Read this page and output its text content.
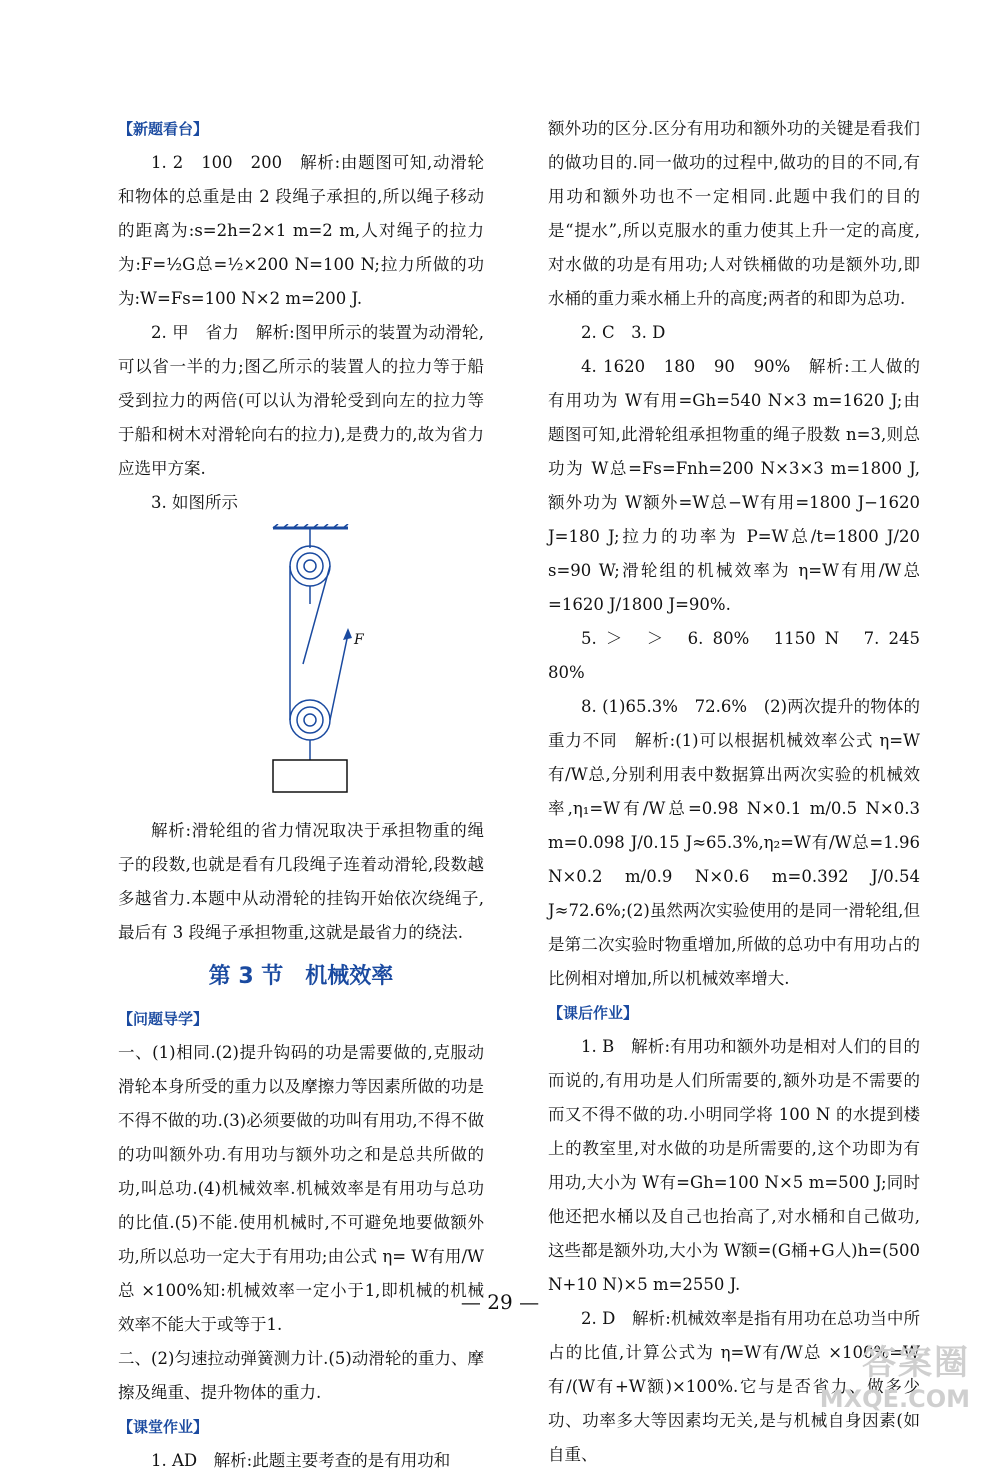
【新题看台】

1. 2　100　200　解析:由题图可知,动滑轮和物体的总重是由 2 段绳子承担的,所以绳子移动的距离为:s=2h=2×1 m=2 m,人对绳子的拉力为:F=½G总=½×200 N=100 N;拉力所做的功为:W=Fs=100 N×2 m=200 J.

2. 甲　省力　解析:图甲所示的装置为动滑轮,可以省一半的力;图乙所示的装置人的拉力等于船受到拉力的两倍(可以认为滑轮受到向左的拉力等于船和树木对滑轮向右的拉力),是费力的,故为省力应选甲方案.

3. 如图所示

F

解析:滑轮组的省力情况取决于承担物重的绳子的段数,也就是看有几段绳子连着动滑轮,段数越多越省力.本题中从动滑轮的挂钩开始依次绕绳子,最后有 3 段绳子承担物重,这就是最省力的绕法.

第 3 节　机械效率
【问题导学】

一、(1)相同.(2)提升钩码的功是需要做的,克服动滑轮本身所受的重力以及摩擦力等因素所做的功是不得不做的功.(3)必须要做的功叫有用功,不得不做的功叫额外功.有用功与额外功之和是总共所做的功,叫总功.(4)机械效率.机械效率是有用功与总功的比值.(5)不能.使用机械时,不可避免地要做额外功,所以总功一定大于有用功;由公式 η= W有用/W总 ×100%知:机械效率一定小于1,即机械的机械效率不能大于或等于1.

二、(2)匀速拉动弹簧测力计.(5)动滑轮的重力、摩擦及绳重、提升物体的重力.

【课堂作业】

1. AD　解析:此题主要考查的是有用功和

额外功的区分.区分有用功和额外功的关键是看我们的做功目的.同一做功的过程中,做功的目的不同,有用功和额外功也不一定相同.此题中我们的目的是“提水”,所以克服水的重力使其上升一定的高度,对水做的功是有用功;人对铁桶做的功是额外功,即水桶的重力乘水桶上升的高度;两者的和即为总功.

2. C　3. D

4. 1620　180　90　90%　解析:工人做的有用功为 W有用=Gh=540 N×3 m=1620 J;由题图可知,此滑轮组承担物重的绳子股数 n=3,则总功为 W总=Fs=Fnh=200 N×3×3 m=1800 J,额外功为 W额外=W总−W有用=1800 J−1620 J=180 J;拉力的功率为 P=W总/t=1800 J/20 s=90 W;滑轮组的机械效率为 η=W有用/W总=1620 J/1800 J=90%.

5. ＞　＞　6. 80%　1150 N　7. 245　80%

8. (1)65.3%　72.6%　(2)两次提升的物体的重力不同　解析:(1)可以根据机械效率公式 η=W有/W总,分别利用表中数据算出两次实验的机械效率,η₁=W有/W总=0.98 N×0.1 m/0.5 N×0.3 m=0.098 J/0.15 J≈65.3%,η₂=W有/W总=1.96 N×0.2 m/0.9 N×0.6 m=0.392 J/0.54 J≈72.6%;(2)虽然两次实验使用的是同一滑轮组,但是第二次实验时物重增加,所做的总功中有用功占的比例相对增加,所以机械效率增大.

【课后作业】

1. B　解析:有用功和额外功是相对人们的目的而说的,有用功是人们所需要的,额外功是不需要的而又不得不做的功.小明同学将 100 N 的水提到楼上的教室里,对水做的功是所需要的,这个功即为有用功,大小为 W有=Gh=100 N×5 m=500 J;同时他还把水桶以及自己也抬高了,对水桶和自己做功,这些都是额外功,大小为 W额=(G桶+G人)h=(500 N+10 N)×5 m=2550 J.

2. D　解析:机械效率是指有用功在总功当中所占的比值,计算公式为 η=W有/W总 ×100%=W有/(W有+W额)×100%.它与是否省力、做多少功、功率多大等因素均无关,是与机械自身因素(如自重、

— 29 —
答案圈
MXQE.COM
